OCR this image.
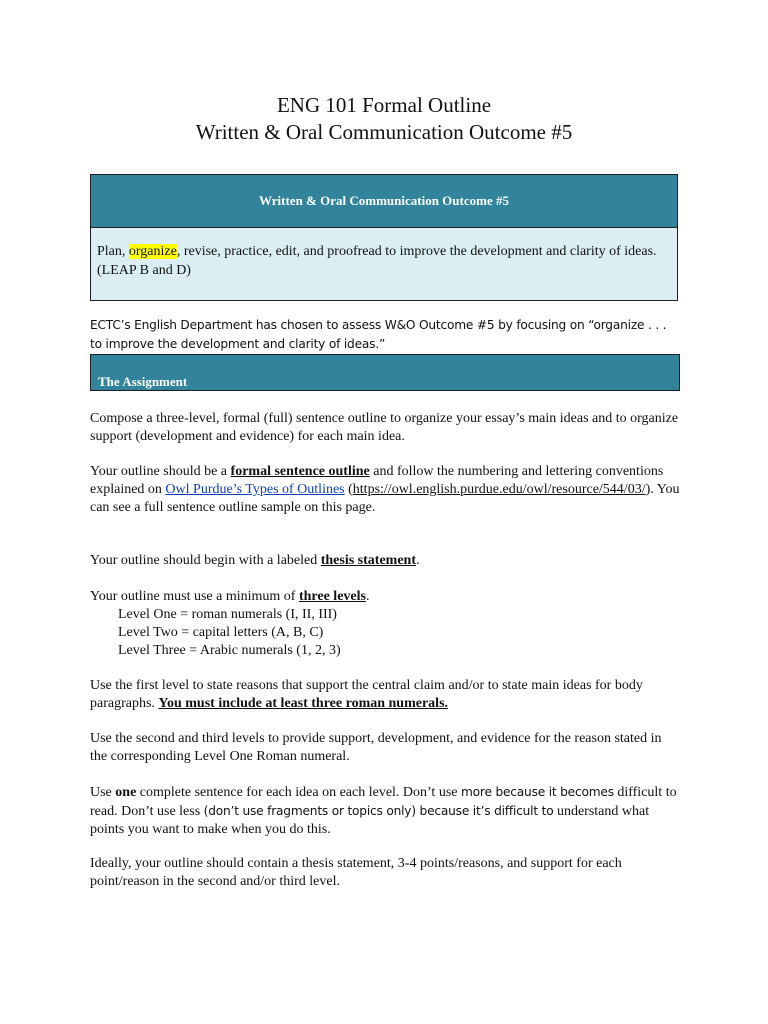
ENG 101 Formal Outline
Written & Oral Communication Outcome #5
Written & Oral Communication Outcome #5
Plan, organize, revise, practice, edit, and proofread to improve the development and clarity of ideas. (LEAP B and D)
ECTC’s English Department has chosen to assess W&O Outcome #5 by focusing on “organize . . . to improve the development and clarity of ideas.”
The Assignment
Compose a three-level, formal (full) sentence outline to organize your essay’s main ideas and to organize support (development and evidence) for each main idea.
Your outline should be a formal sentence outline and follow the numbering and lettering conventions explained on Owl Purdue’s Types of Outlines (https://owl.english.purdue.edu/owl/resource/544/03/). You can see a full sentence outline sample on this page.
Your outline should begin with a labeled thesis statement.
Your outline must use a minimum of three levels.
Level One = roman numerals (I, II, III)
Level Two = capital letters (A, B, C)
Level Three = Arabic numerals (1, 2, 3)
Use the first level to state reasons that support the central claim and/or to state main ideas for body paragraphs. You must include at least three roman numerals.
Use the second and third levels to provide support, development, and evidence for the reason stated in the corresponding Level One Roman numeral.
Use one complete sentence for each idea on each level. Don’t use more because it becomes difficult to read. Don’t use less (don’t use fragments or topics only) because it’s difficult to understand what points you want to make when you do this.
Ideally, your outline should contain a thesis statement, 3-4 points/reasons, and support for each point/reason in the second and/or third level.
